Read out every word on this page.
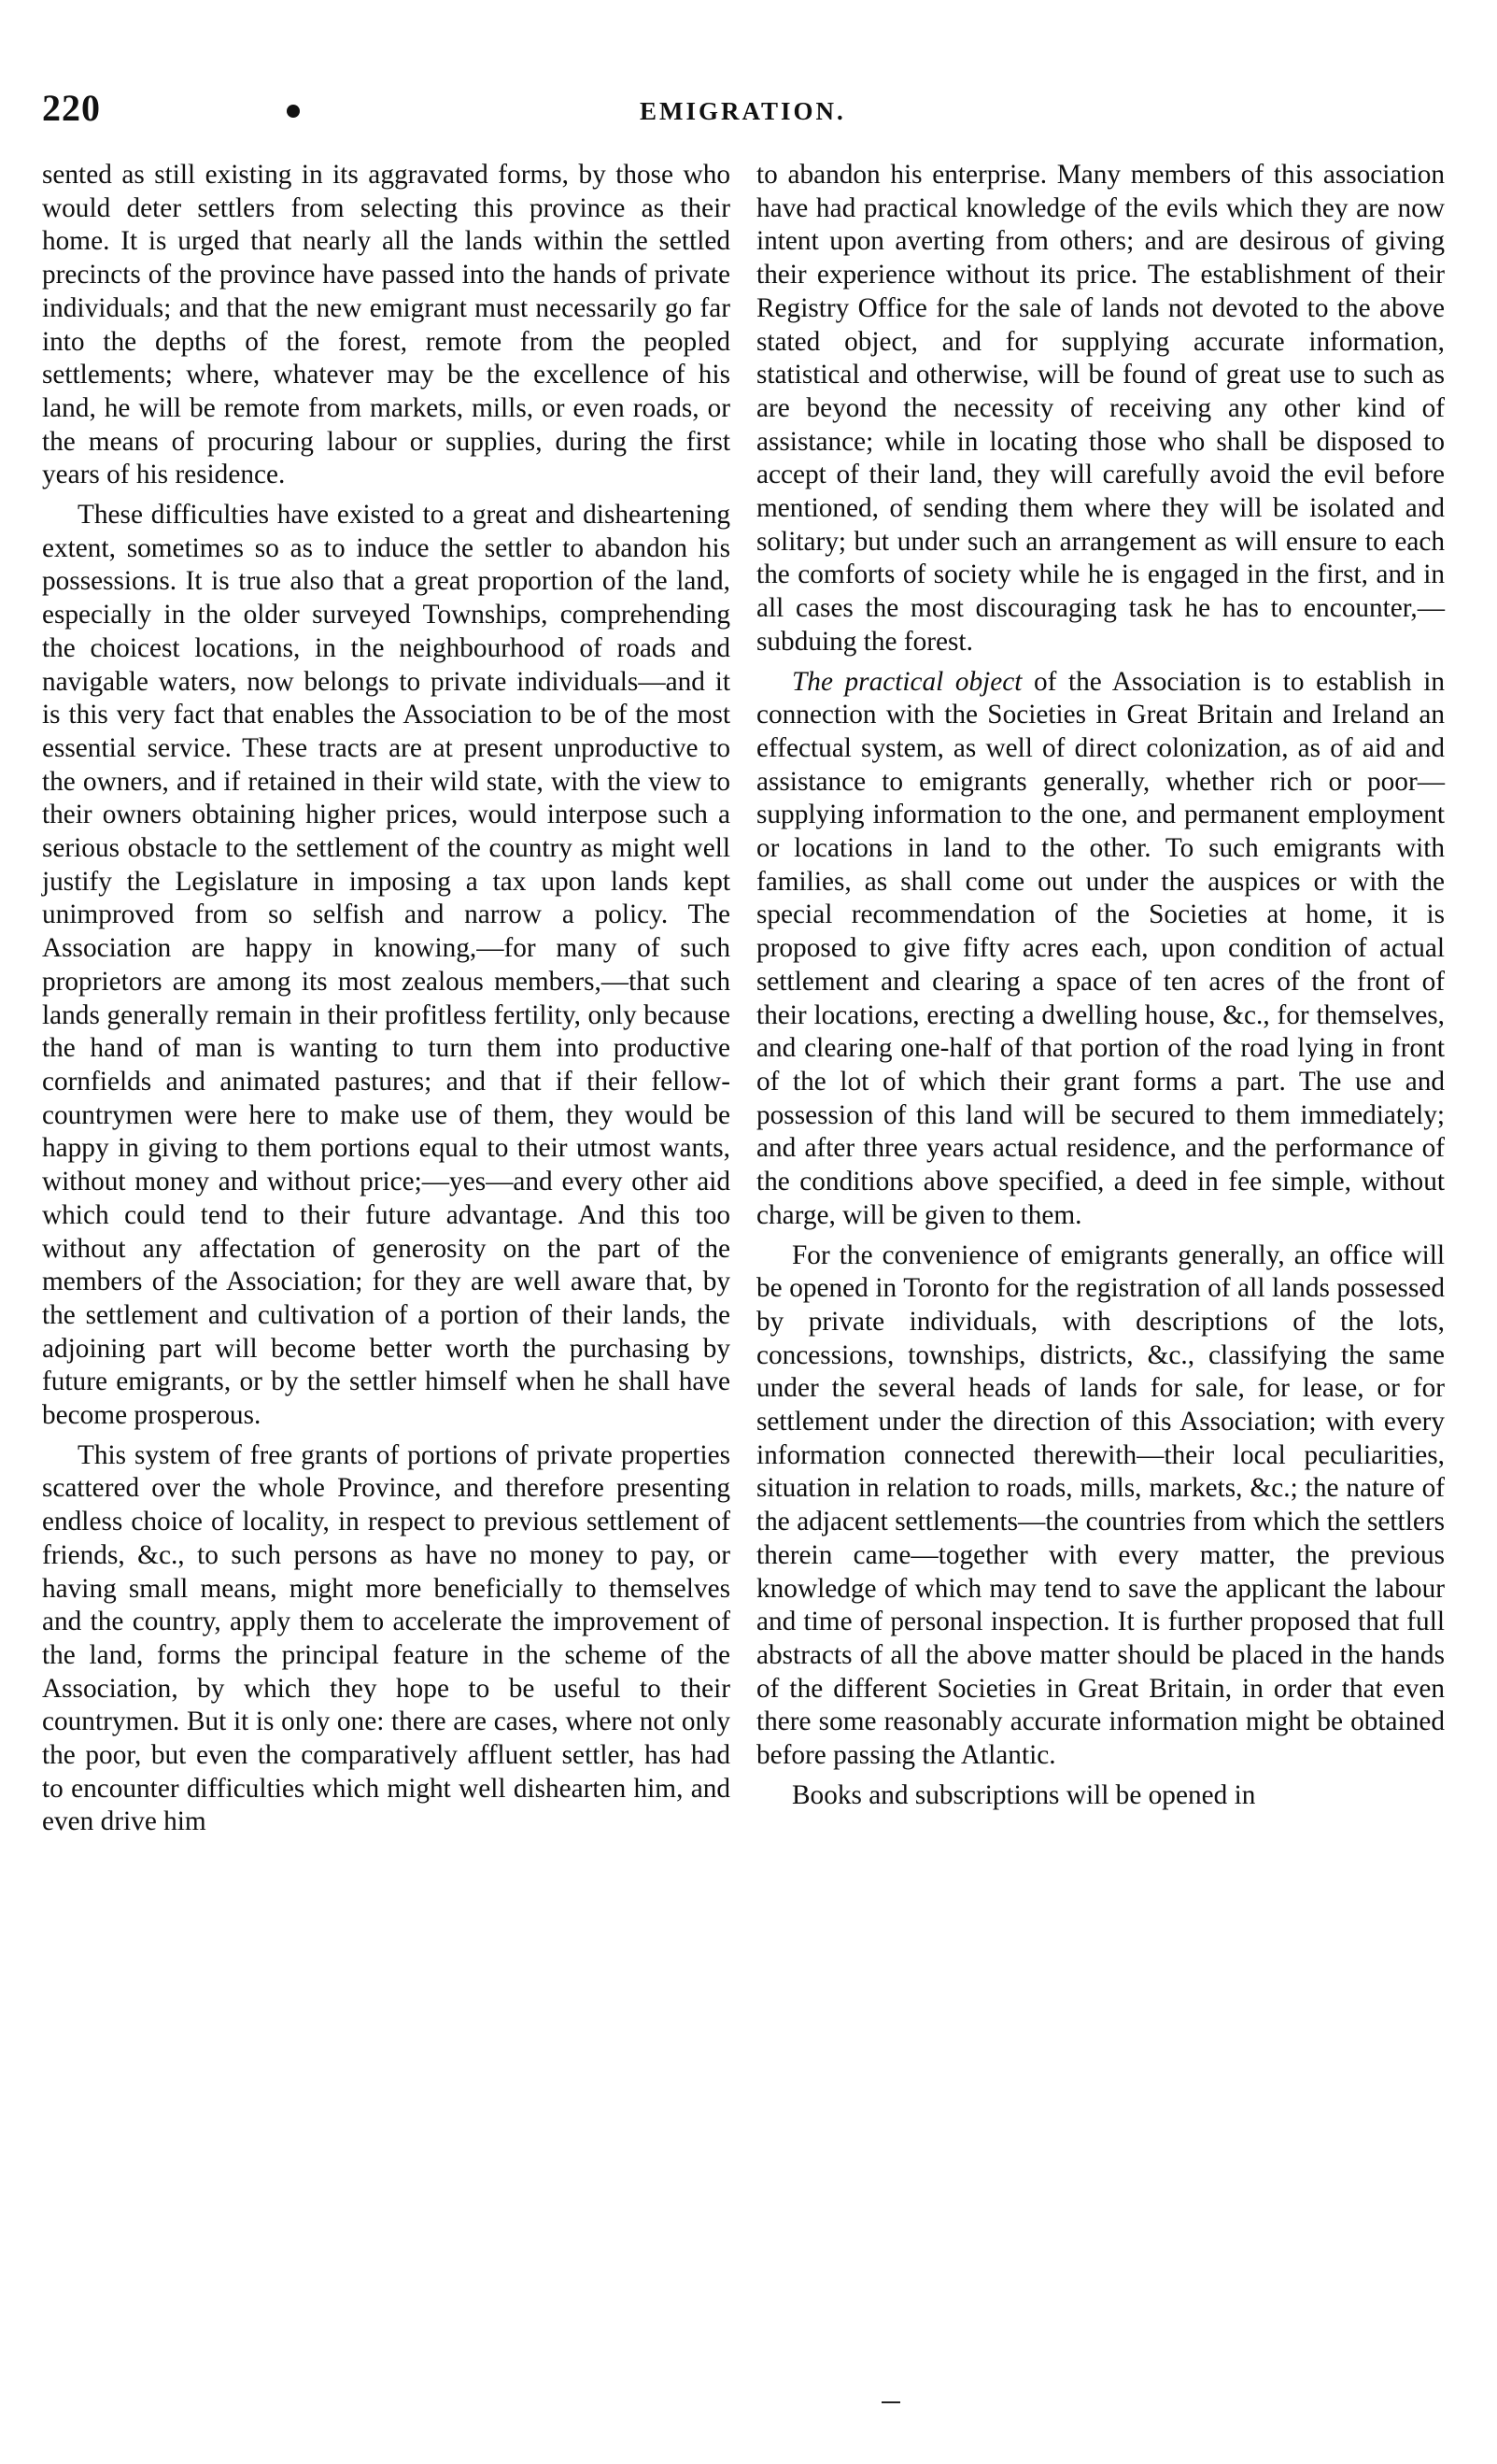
220	EMIGRATION.

sented as still existing in its aggravated forms, by those who would deter settlers from selecting this province as their home. It is urged that nearly all the lands within the settled precincts of the province have passed into the hands of private individuals; and that the new emigrant must necessarily go far into the depths of the forest, remote from the peopled settlements; where, whatever may be the excellence of his land, he will be remote from markets, mills, or even roads, or the means of procuring labour or supplies, during the first years of his residence.

These difficulties have existed to a great and disheartening extent, sometimes so as to induce the settler to abandon his possessions. It is true also that a great proportion of the land, especially in the older surveyed Townships, comprehending the choicest locations, in the neighbourhood of roads and navigable waters, now belongs to private individuals—and it is this very fact that enables the Association to be of the most essential service. These tracts are at present unproductive to the owners, and if retained in their wild state, with the view to their owners obtaining higher prices, would interpose such a serious obstacle to the settlement of the country as might well justify the Legislature in imposing a tax upon lands kept unimproved from so selfish and narrow a policy. The Association are happy in knowing,—for many of such proprietors are among its most zealous members,—that such lands generally remain in their profitless fertility, only because the hand of man is wanting to turn them into productive cornfields and animated pastures; and that if their fellow-countrymen were here to make use of them, they would be happy in giving to them portions equal to their utmost wants, without money and without price;—yes—and every other aid which could tend to their future advantage. And this too without any affectation of generosity on the part of the members of the Association; for they are well aware that, by the settlement and cultivation of a portion of their lands, the adjoining part will become better worth the purchasing by future emigrants, or by the settler himself when he shall have become prosperous.

This system of free grants of portions of private properties scattered over the whole Province, and therefore presenting endless choice of locality, in respect to previous settlement of friends, &c., to such persons as have no money to pay, or having small means, might more beneficially to themselves and the country, apply them to accelerate the improvement of the land, forms the principal feature in the scheme of the Association, by which they hope to be useful to their countrymen. But it is only one: there are cases, where not only the poor, but even the comparatively affluent settler, has had to encounter difficulties which might well dishearten him, and even drive him

to abandon his enterprise. Many members of this association have had practical knowledge of the evils which they are now intent upon averting from others; and are desirous of giving their experience without its price. The establishment of their Registry Office for the sale of lands not devoted to the above stated object, and for supplying accurate information, statistical and otherwise, will be found of great use to such as are beyond the necessity of receiving any other kind of assistance; while in locating those who shall be disposed to accept of their land, they will carefully avoid the evil before mentioned, of sending them where they will be isolated and solitary; but under such an arrangement as will ensure to each the comforts of society while he is engaged in the first, and in all cases the most discouraging task he has to encounter,—subduing the forest.

The practical object of the Association is to establish in connection with the Societies in Great Britain and Ireland an effectual system, as well of direct colonization, as of aid and assistance to emigrants generally, whether rich or poor—supplying information to the one, and permanent employment or locations in land to the other. To such emigrants with families, as shall come out under the auspices or with the special recommendation of the Societies at home, it is proposed to give fifty acres each, upon condition of actual settlement and clearing a space of ten acres of the front of their locations, erecting a dwelling house, &c., for themselves, and clearing one-half of that portion of the road lying in front of the lot of which their grant forms a part. The use and possession of this land will be secured to them immediately; and after three years actual residence, and the performance of the conditions above specified, a deed in fee simple, without charge, will be given to them.

For the convenience of emigrants generally, an office will be opened in Toronto for the registration of all lands possessed by private individuals, with descriptions of the lots, concessions, townships, districts, &c., classifying the same under the several heads of lands for sale, for lease, or for settlement under the direction of this Association; with every information connected therewith—their local peculiarities, situation in relation to roads, mills, markets, &c.; the nature of the adjacent settlements—the countries from which the settlers therein came—together with every matter, the previous knowledge of which may tend to save the applicant the labour and time of personal inspection. It is further proposed that full abstracts of all the above matter should be placed in the hands of the different Societies in Great Britain, in order that even there some reasonably accurate information might be obtained before passing the Atlantic.

Books and subscriptions will be opened in
